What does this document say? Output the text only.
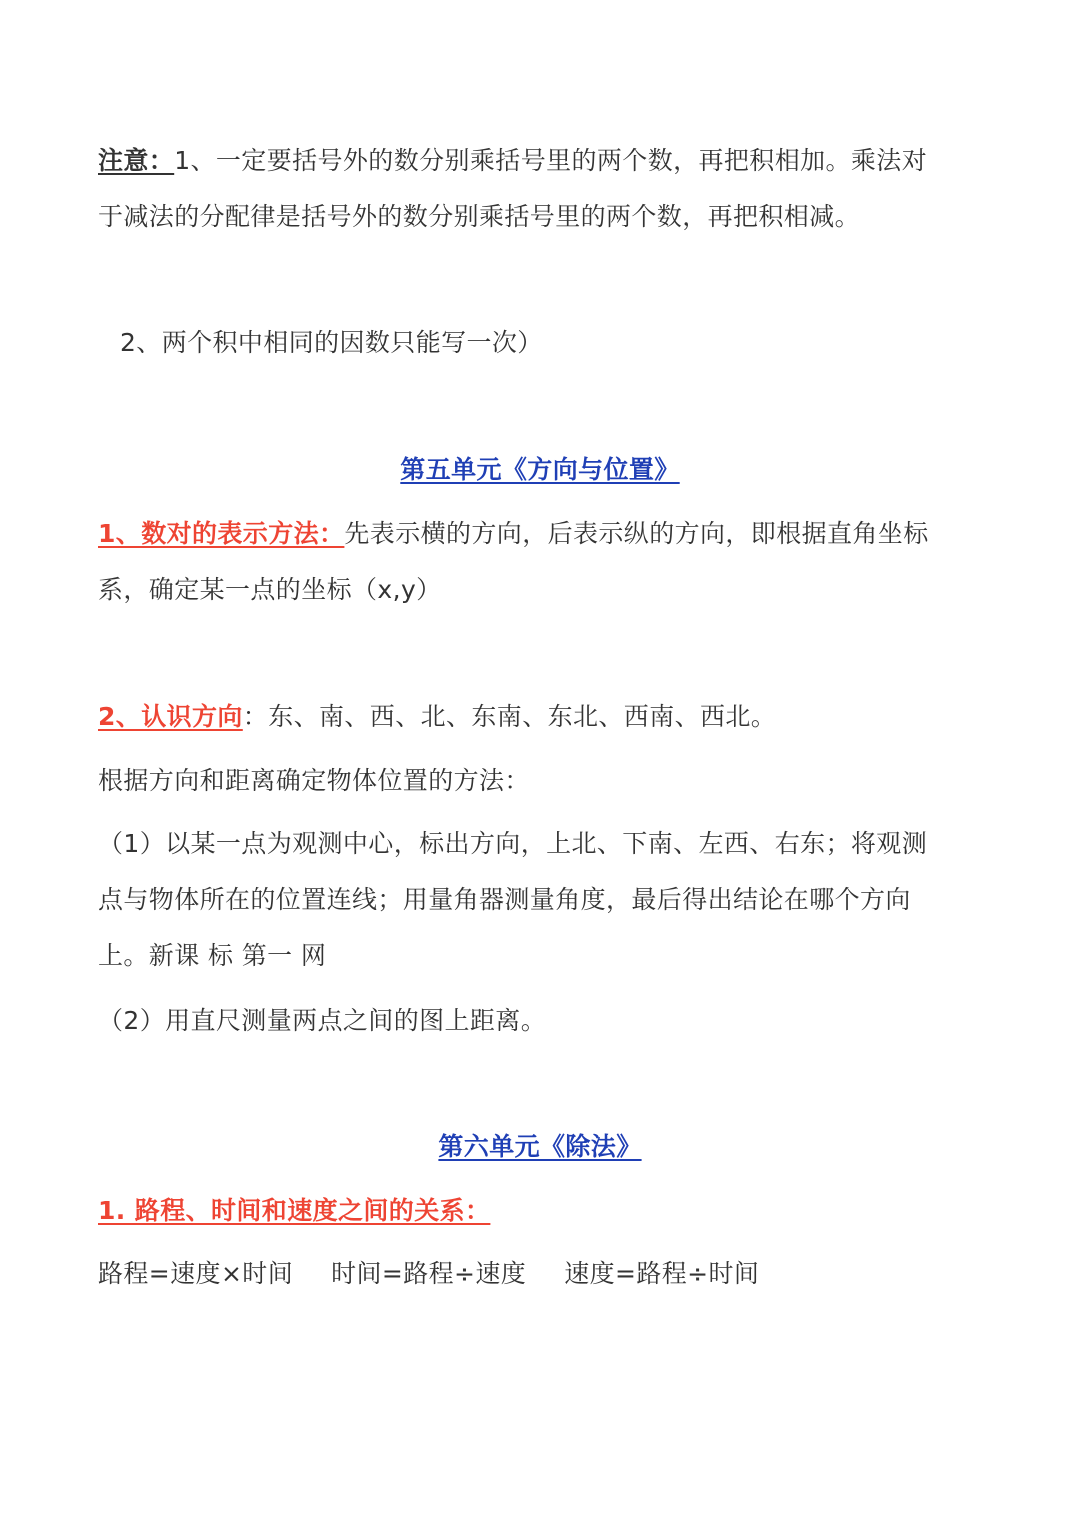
注意：1、一定要括号外的数分别乘括号里的两个数，再把积相加。乘法对
于减法的分配律是括号外的数分别乘括号里的两个数，再把积相减。
2、两个积中相同的因数只能写一次）
第五单元《方向与位置》
1、数对的表示方法：先表示横的方向，后表示纵的方向，即根据直角坐标
系，确定某一点的坐标（x,y）
2、认识方向：东、南、西、北、东南、东北、西南、西北。
根据方向和距离确定物体位置的方法：
（1）以某一点为观测中心，标出方向，上北、下南、左西、右东；将观测
点与物体所在的位置连线；用量角器测量角度，最后得出结论在哪个方向
上。新课 标 第一 网
（2）用直尺测量两点之间的图上距离。
第六单元《除法》
1. 路程、时间和速度之间的关系：
路程=速度×时间 时间=路程÷速度 速度=路程÷时间
